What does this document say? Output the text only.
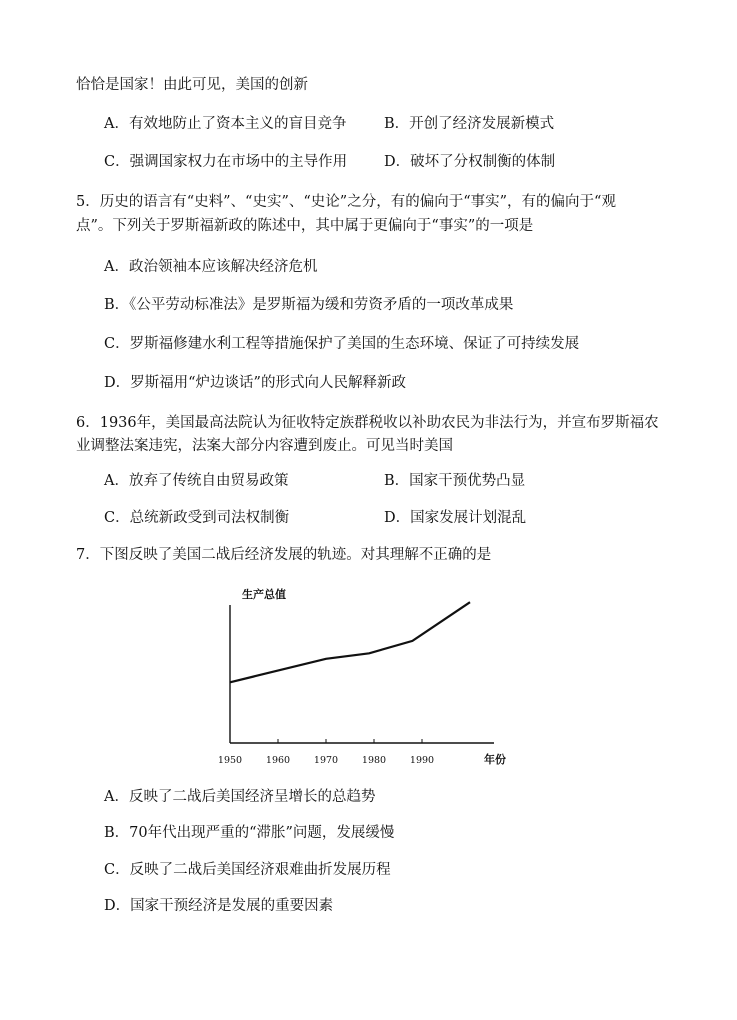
恰恰是国家！由此可见，美国的创新
A．有效地防止了资本主义的盲目竞争	B．开创了经济发展新模式
C．强调国家权力在市场中的主导作用	D．破坏了分权制衡的体制
5．历史的语言有“史料”、“史实”、“史论”之分，有的偏向于“事实”，有的偏向于“观
点”。下列关于罗斯福新政的陈述中，其中属于更偏向于“事实”的一项是
A．政治领袖本应该解决经济危机
B．《公平劳动标准法》是罗斯福为缓和劳资矛盾的一项改革成果
C．罗斯福修建水利工程等措施保护了美国的生态环境、保证了可持续发展
D．罗斯福用“炉边谈话”的形式向人民解释新政
6．1936年，美国最高法院认为征收特定族群税收以补助农民为非法行为，并宣布罗斯福农
业调整法案违宪，法案大部分内容遭到废止。可见当时美国
A．放弃了传统自由贸易政策	B．国家干预优势凸显
C．总统新政受到司法权制衡	D．国家发展计划混乱
7．下图反映了美国二战后经济发展的轨迹。对其理解不正确的是
生产总值
年份
1950	1960	1970	1980	1990
A．反映了二战后美国经济呈增长的总趋势
B．70年代出现严重的“滞胀”问题，发展缓慢
C．反映了二战后美国经济艰难曲折发展历程
D．国家干预经济是发展的重要因素
